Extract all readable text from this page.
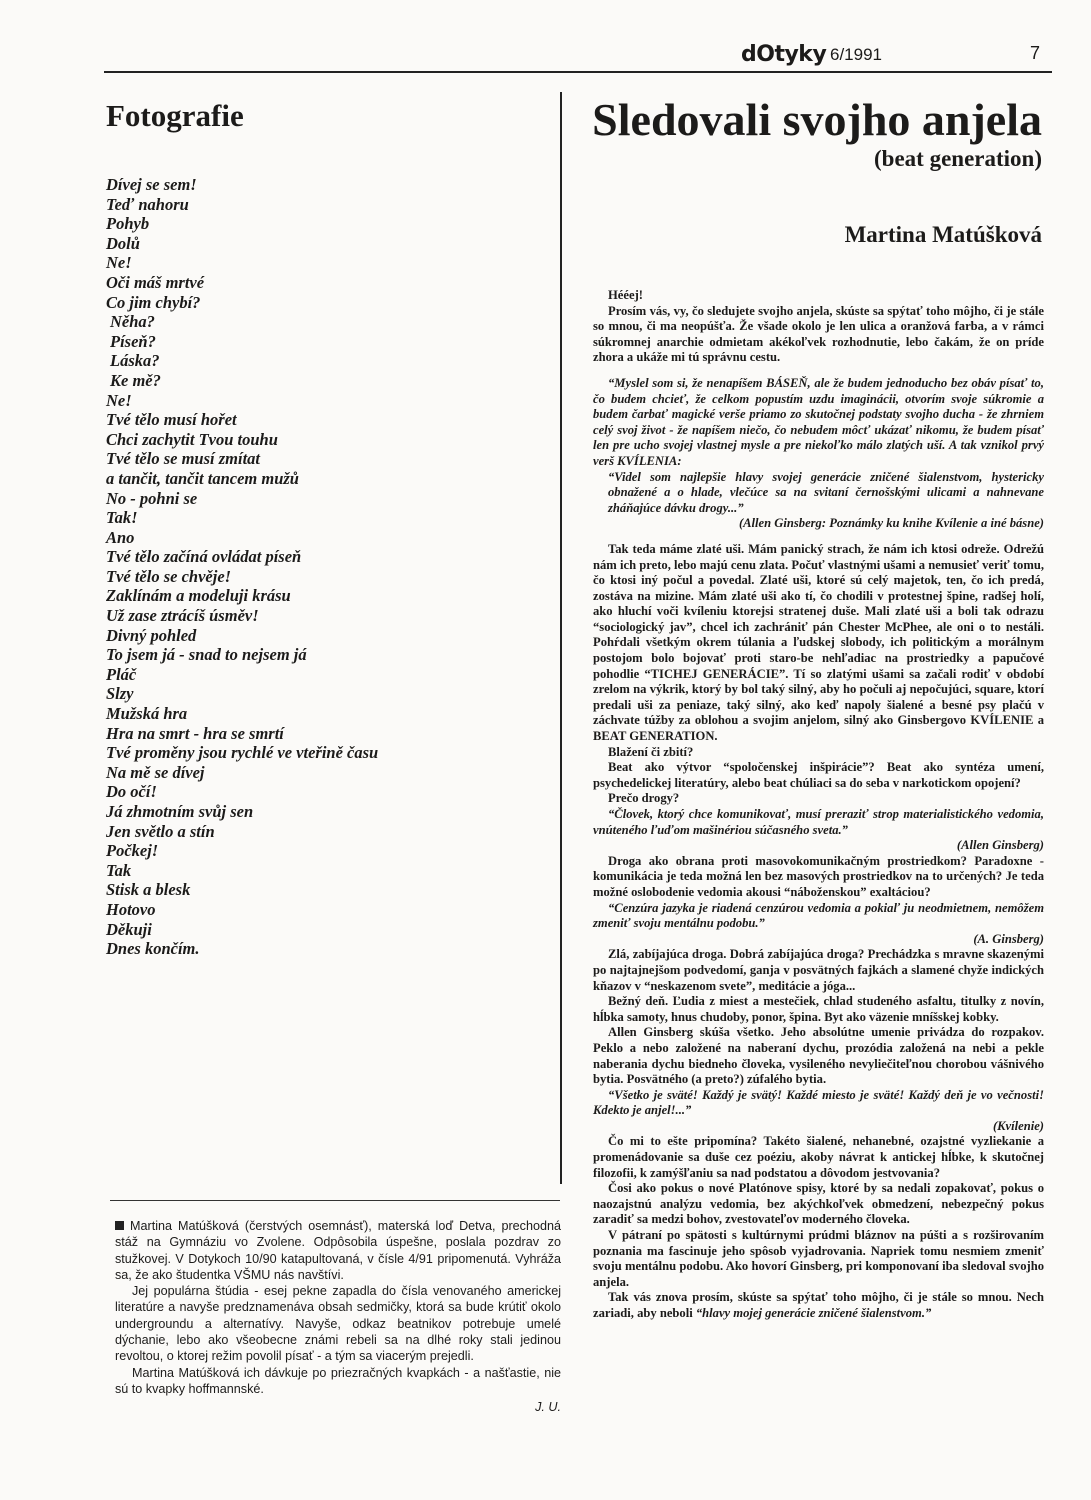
dOtyky 6/1991	7
Fotografie
Dívej se sem!
Teď nahoru
Pohyb
Dolů
Ne!
Oči máš mrtvé
Co jim chybí?
Něha?
Píseň?
Láska?
Ke mě?
Ne!
Tvé tělo musí hořet
Chci zachytit Tvou touhu
Tvé tělo se musí zmítat
a tančit, tančit tancem mužů
No - pohni se
Tak!
Ano
Tvé tělo začíná ovládat píseň
Tvé tělo se chvěje!
Zaklínám a modeluji krásu
Už zase ztrácíš úsměv!
Divný pohled
To jsem já - snad to nejsem já
Pláč
Slzy
Mužská hra
Hra na smrt - hra se smrtí
Tvé proměny jsou rychlé ve vteřině času
Na mě se dívej
Do očí!
Já zhmotním svůj sen
Jen světlo a stín
Počkej!
Tak
Stisk a blesk
Hotovo
Děkuji
Dnes končím.

Martina Matúšková (čerstvých osemnásť), materská loď Detva, prechodná stáž na Gymnáziu vo Zvolene. Odpôsobila úspešne, poslala pozdrav zo stužkovej. V Dotykoch 10/90 katapultovaná, v čísle 4/91 pripomenutá. Vyhráža sa, že ako študentka VŠMU nás navštívi.

Jej populárna štúdia - esej pekne zapadla do čísla venovaného americkej literatúre a navyše predznamenáva obsah sedmičky, ktorá sa bude krútiť okolo undergroundu a alternatívy. Navyše, odkaz beatnikov potrebuje umelé dýchanie, lebo ako všeobecne známi rebeli sa na dlhé roky stali jedinou revoltou, o ktorej režim povolil písať - a tým sa viacerým prejedli.

Martina Matúšková ich dávkuje po priezračných kvapkách - a našťastie, nie sú to kvapky hoffmannské.

J. U.

Sledovali svojho anjela
(beat generation)
Martina Matúšková

Hééej!

Prosím vás, vy, čo sledujete svojho anjela, skúste sa spýtať toho môjho, či je stále so mnou, či ma neopúšťa. Že všade okolo je len ulica a oranžová farba, a v rámci súkromnej anarchie odmietam akékoľvek rozhodnutie, lebo čakám, že on príde zhora a ukáže mi tú správnu cestu.

“Myslel som si, že nenapíšem BÁSEŇ, ale že budem jednoducho bez obáv písať to, čo budem chcieť, že celkom popustím uzdu imaginácii, otvorím svoje súkromie a budem čarbať magické verše priamo zo skutočnej podstaty svojho ducha - že zhrniem celý svoj život - že napíšem niečo, čo nebudem môcť ukázať nikomu, že budem písať len pre ucho svojej vlastnej mysle a pre niekoľko málo zlatých uší. A tak vznikol prvý verš KVÍLENIA:

“Videl som najlepšie hlavy svojej generácie zničené šialenstvom, hystericky obnažené a o hlade, vlečúce sa na svitaní černošskými ulicami a nahnevane zháňajúce dávku drogy...”

(Allen Ginsberg: Poznámky ku knihe Kvílenie a iné básne)

Tak teda máme zlaté uši. Mám panický strach, že nám ich ktosi odreže. Odrežú nám ich preto, lebo majú cenu zlata. Počuť vlastnými ušami a nemusieť veriť tomu, čo ktosi iný počul a povedal. Zlaté uši, ktoré sú celý majetok, ten, čo ich predá, zostáva na mizine. Mám zlaté uši ako tí, čo chodili v protestnej špine, radšej holí, ako hluchí voči kvíleniu ktorejsi stratenej duše. Mali zlaté uši a boli tak odrazu “sociologický jav”, chcel ich zachrániť pán Chester McPhee, ale oni o to nestáli. Pohŕdali všetkým okrem túlania a ľudskej slobody, ich politickým a morálnym postojom bolo bojovať proti staro-be nehľadiac na prostriedky a papučové pohodlie “TICHEJ GENERÁCIE”. Tí so zlatými ušami sa začali rodiť v období zrelom na výkrik, ktorý by bol taký silný, aby ho počuli aj nepočujúci, square, ktorí predali uši za peniaze, taký silný, ako keď napoly šialené a besné psy plačú v záchvate túžby za oblohou a svojim anjelom, silný ako Ginsbergovo KVÍLENIE a BEAT GENERATION.

Blažení či zbití?

Beat ako výtvor “spoločenskej inšpirácie”? Beat ako syntéza umení, psychedelickej literatúry, alebo beat chúliaci sa do seba v narkotickom opojení?

Prečo drogy?

“Človek, ktorý chce komunikovať, musí preraziť strop materialistického vedomia, vnúteného ľuďom mašinériou súčasného sveta.”

(Allen Ginsberg)

Droga ako obrana proti masovokomunikačným prostriedkom? Paradoxne - komunikácia je teda možná len bez masových prostriedkov na to určených? Je teda možné oslobodenie vedomia akousi “náboženskou” exaltáciou?

“Cenzúra jazyka je riadená cenzúrou vedomia a pokiaľ ju neodmietnem, nemôžem zmeniť svoju mentálnu podobu.”

(A. Ginsberg)

Zlá, zabíjajúca droga. Dobrá zabíjajúca droga? Prechádzka s mravne skazenými po najtajnejšom podvedomí, ganja v posvätných fajkách a slamené chyže indických kňazov v “neskazenom svete”, meditácie a jóga...

Bežný deň. Ľudia z miest a mestečiek, chlad studeného asfaltu, titulky z novín, hĺbka samoty, hnus chudoby, ponor, špina. Byt ako väzenie mníšskej kobky.

Allen Ginsberg skúša všetko. Jeho absolútne umenie privádza do rozpakov. Peklo a nebo založené na naberaní dychu, prozódia založená na nebi a pekle naberania dychu biedneho človeka, vysileného nevyliečiteľnou chorobou vášnivého bytia. Posvätného (a preto?) zúfalého bytia.

“Všetko je sväté! Každý je svätý! Každé miesto je sväté! Každý deň je vo večnosti! Kdekto je anjel!...”

(Kvílenie)

Čo mi to ešte pripomína? Takéto šialené, nehanebné, ozajstné vyzliekanie a promenádovanie sa duše cez poéziu, akoby návrat k antickej hĺbke, k skutočnej filozofii, k zamýšľaniu sa nad podstatou a dôvodom jestvovania?

Čosi ako pokus o nové Platónove spisy, ktoré by sa nedali zopakovať, pokus o naozajstnú analýzu vedomia, bez akýchkoľvek obmedzení, nebezpečný pokus zaradiť sa medzi bohov, zvestovateľov moderného človeka.

V pátraní po spätosti s kultúrnymi prúdmi bláznov na púšti a s rozširovaním poznania ma fascinuje jeho spôsob vyjadrovania. Napriek tomu nesmiem zmeniť svoju mentálnu podobu. Ako hovorí Ginsberg, pri komponovaní iba sledoval svojho anjela.

Tak vás znova prosím, skúste sa spýtať toho môjho, či je stále so mnou. Nech zariadi, aby neboli “hlavy mojej generácie zničené šialenstvom.”
